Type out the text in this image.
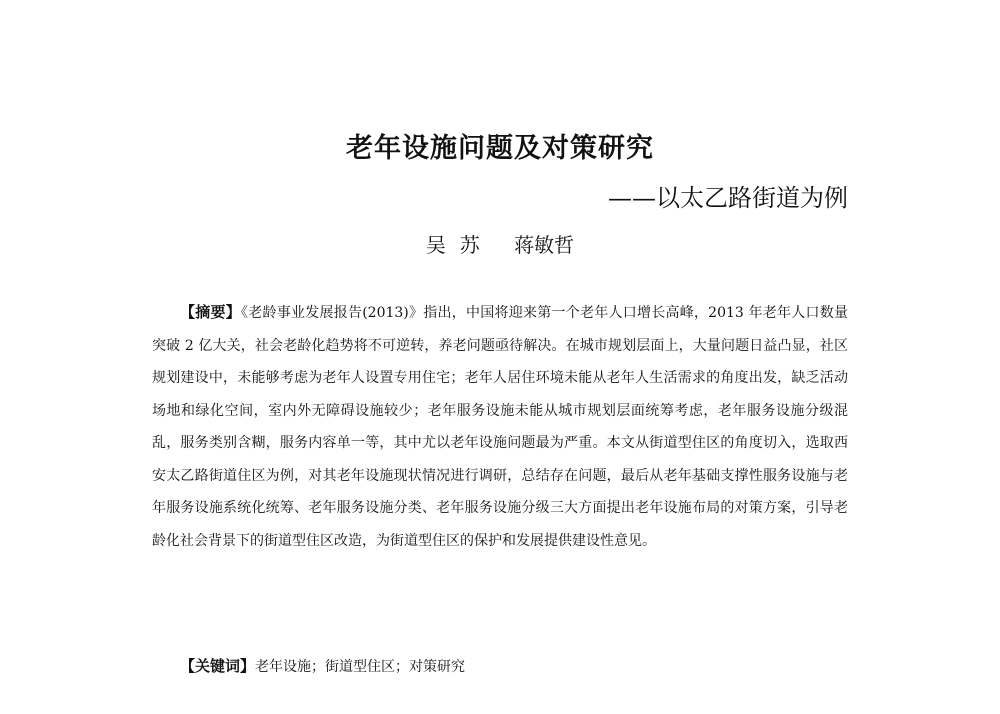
老年设施问题及对策研究

——以太乙路街道为例

吴苏 蒋敏哲

【摘要】《老龄事业发展报告(2013)》指出，中国将迎来第一个老年人口增长高峰，2013 年老年人口数量突破 2 亿大关，社会老龄化趋势将不可逆转，养老问题亟待解决。在城市规划层面上，大量问题日益凸显，社区规划建设中，未能够考虑为老年人设置专用住宅；老年人居住环境未能从老年人生活需求的角度出发，缺乏活动场地和绿化空间，室内外无障碍设施较少；老年服务设施未能从城市规划层面统筹考虑，老年服务设施分级混乱，服务类别含糊，服务内容单一等，其中尤以老年设施问题最为严重。本文从街道型住区的角度切入，选取西安太乙路街道住区为例，对其老年设施现状情况进行调研，总结存在问题，最后从老年基础支撑性服务设施与老年服务设施系统化统筹、老年服务设施分类、老年服务设施分级三大方面提出老年设施布局的对策方案，引导老龄化社会背景下的街道型住区改造，为街道型住区的保护和发展提供建设性意见。

【关键词】老年设施；街道型住区；对策研究
